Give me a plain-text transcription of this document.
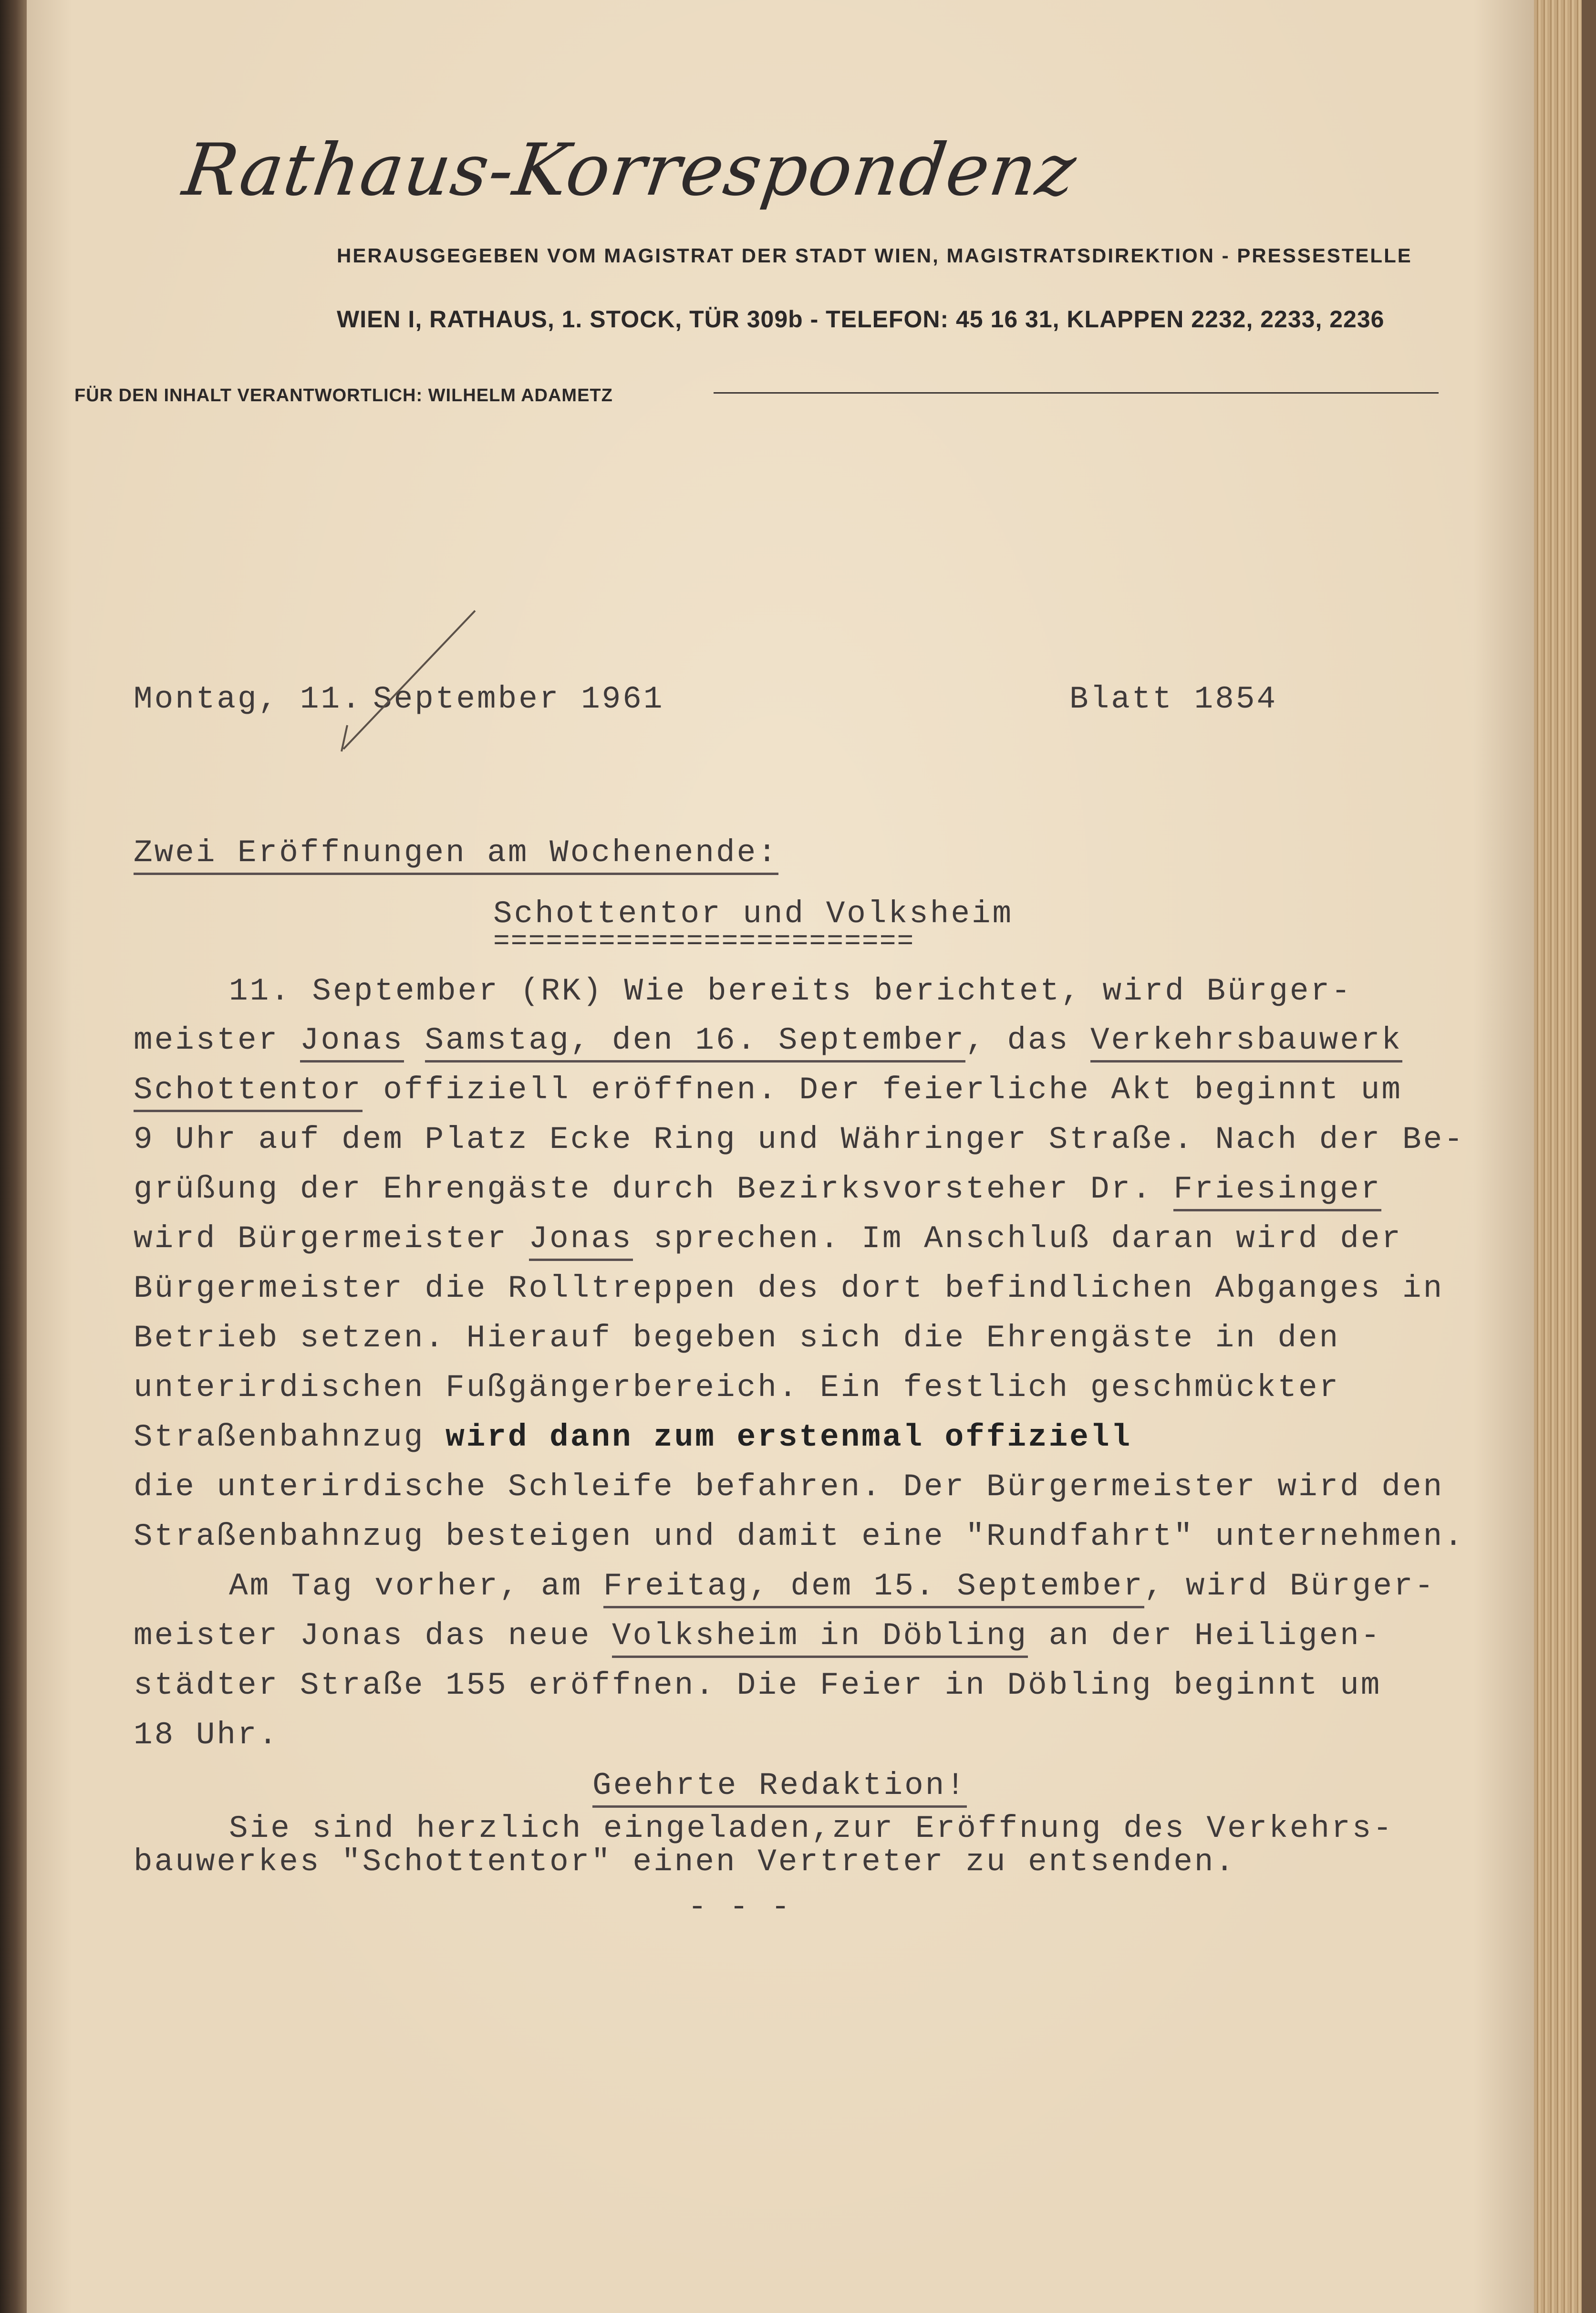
Rathaus-Korrespondenz
HERAUSGEGEBEN VOM MAGISTRAT DER STADT WIEN, MAGISTRATSDIREKTION - PRESSESTELLE
WIEN I, RATHAUS, 1. STOCK, TÜR 309b - TELEFON: 45 16 31, KLAPPEN 2232, 2233, 2236
FÜR DEN INHALT VERANTWORTLICH: WILHELM ADAMETZ
Montag, 11. September 1961	Blatt 1854
Zwei Eröffnungen am Wochenende:
Schottentor und Volksheim
========================
11. September (RK) Wie bereits berichtet, wird Bürger-
meister Jonas Samstag, den 16. September, das Verkehrsbauwerk
Schottentor offiziell eröffnen. Der feierliche Akt beginnt um
9 Uhr auf dem Platz Ecke Ring und Währinger Straße. Nach der Be-
grüßung der Ehrengäste durch Bezirksvorsteher Dr. Friesinger
wird Bürgermeister Jonas sprechen. Im Anschluß daran wird der
Bürgermeister die Rolltreppen des dort befindlichen Abganges in
Betrieb setzen. Hierauf begeben sich die Ehrengäste in den
unterirdischen Fußgängerbereich. Ein festlich geschmückter
Straßenbahnzug wird dann zum erstenmal offiziell
die unterirdische Schleife befahren. Der Bürgermeister wird den
Straßenbahnzug besteigen und damit eine "Rundfahrt" unternehmen.
Am Tag vorher, am Freitag, dem 15. September, wird Bürger-
meister Jonas das neue Volksheim in Döbling an der Heiligen-
städter Straße 155 eröffnen. Die Feier in Döbling beginnt um
18 Uhr.
Geehrte Redaktion!
Sie sind herzlich eingeladen,zur Eröffnung des Verkehrs-
bauwerkes "Schottentor" einen Vertreter zu entsenden.
- - -
